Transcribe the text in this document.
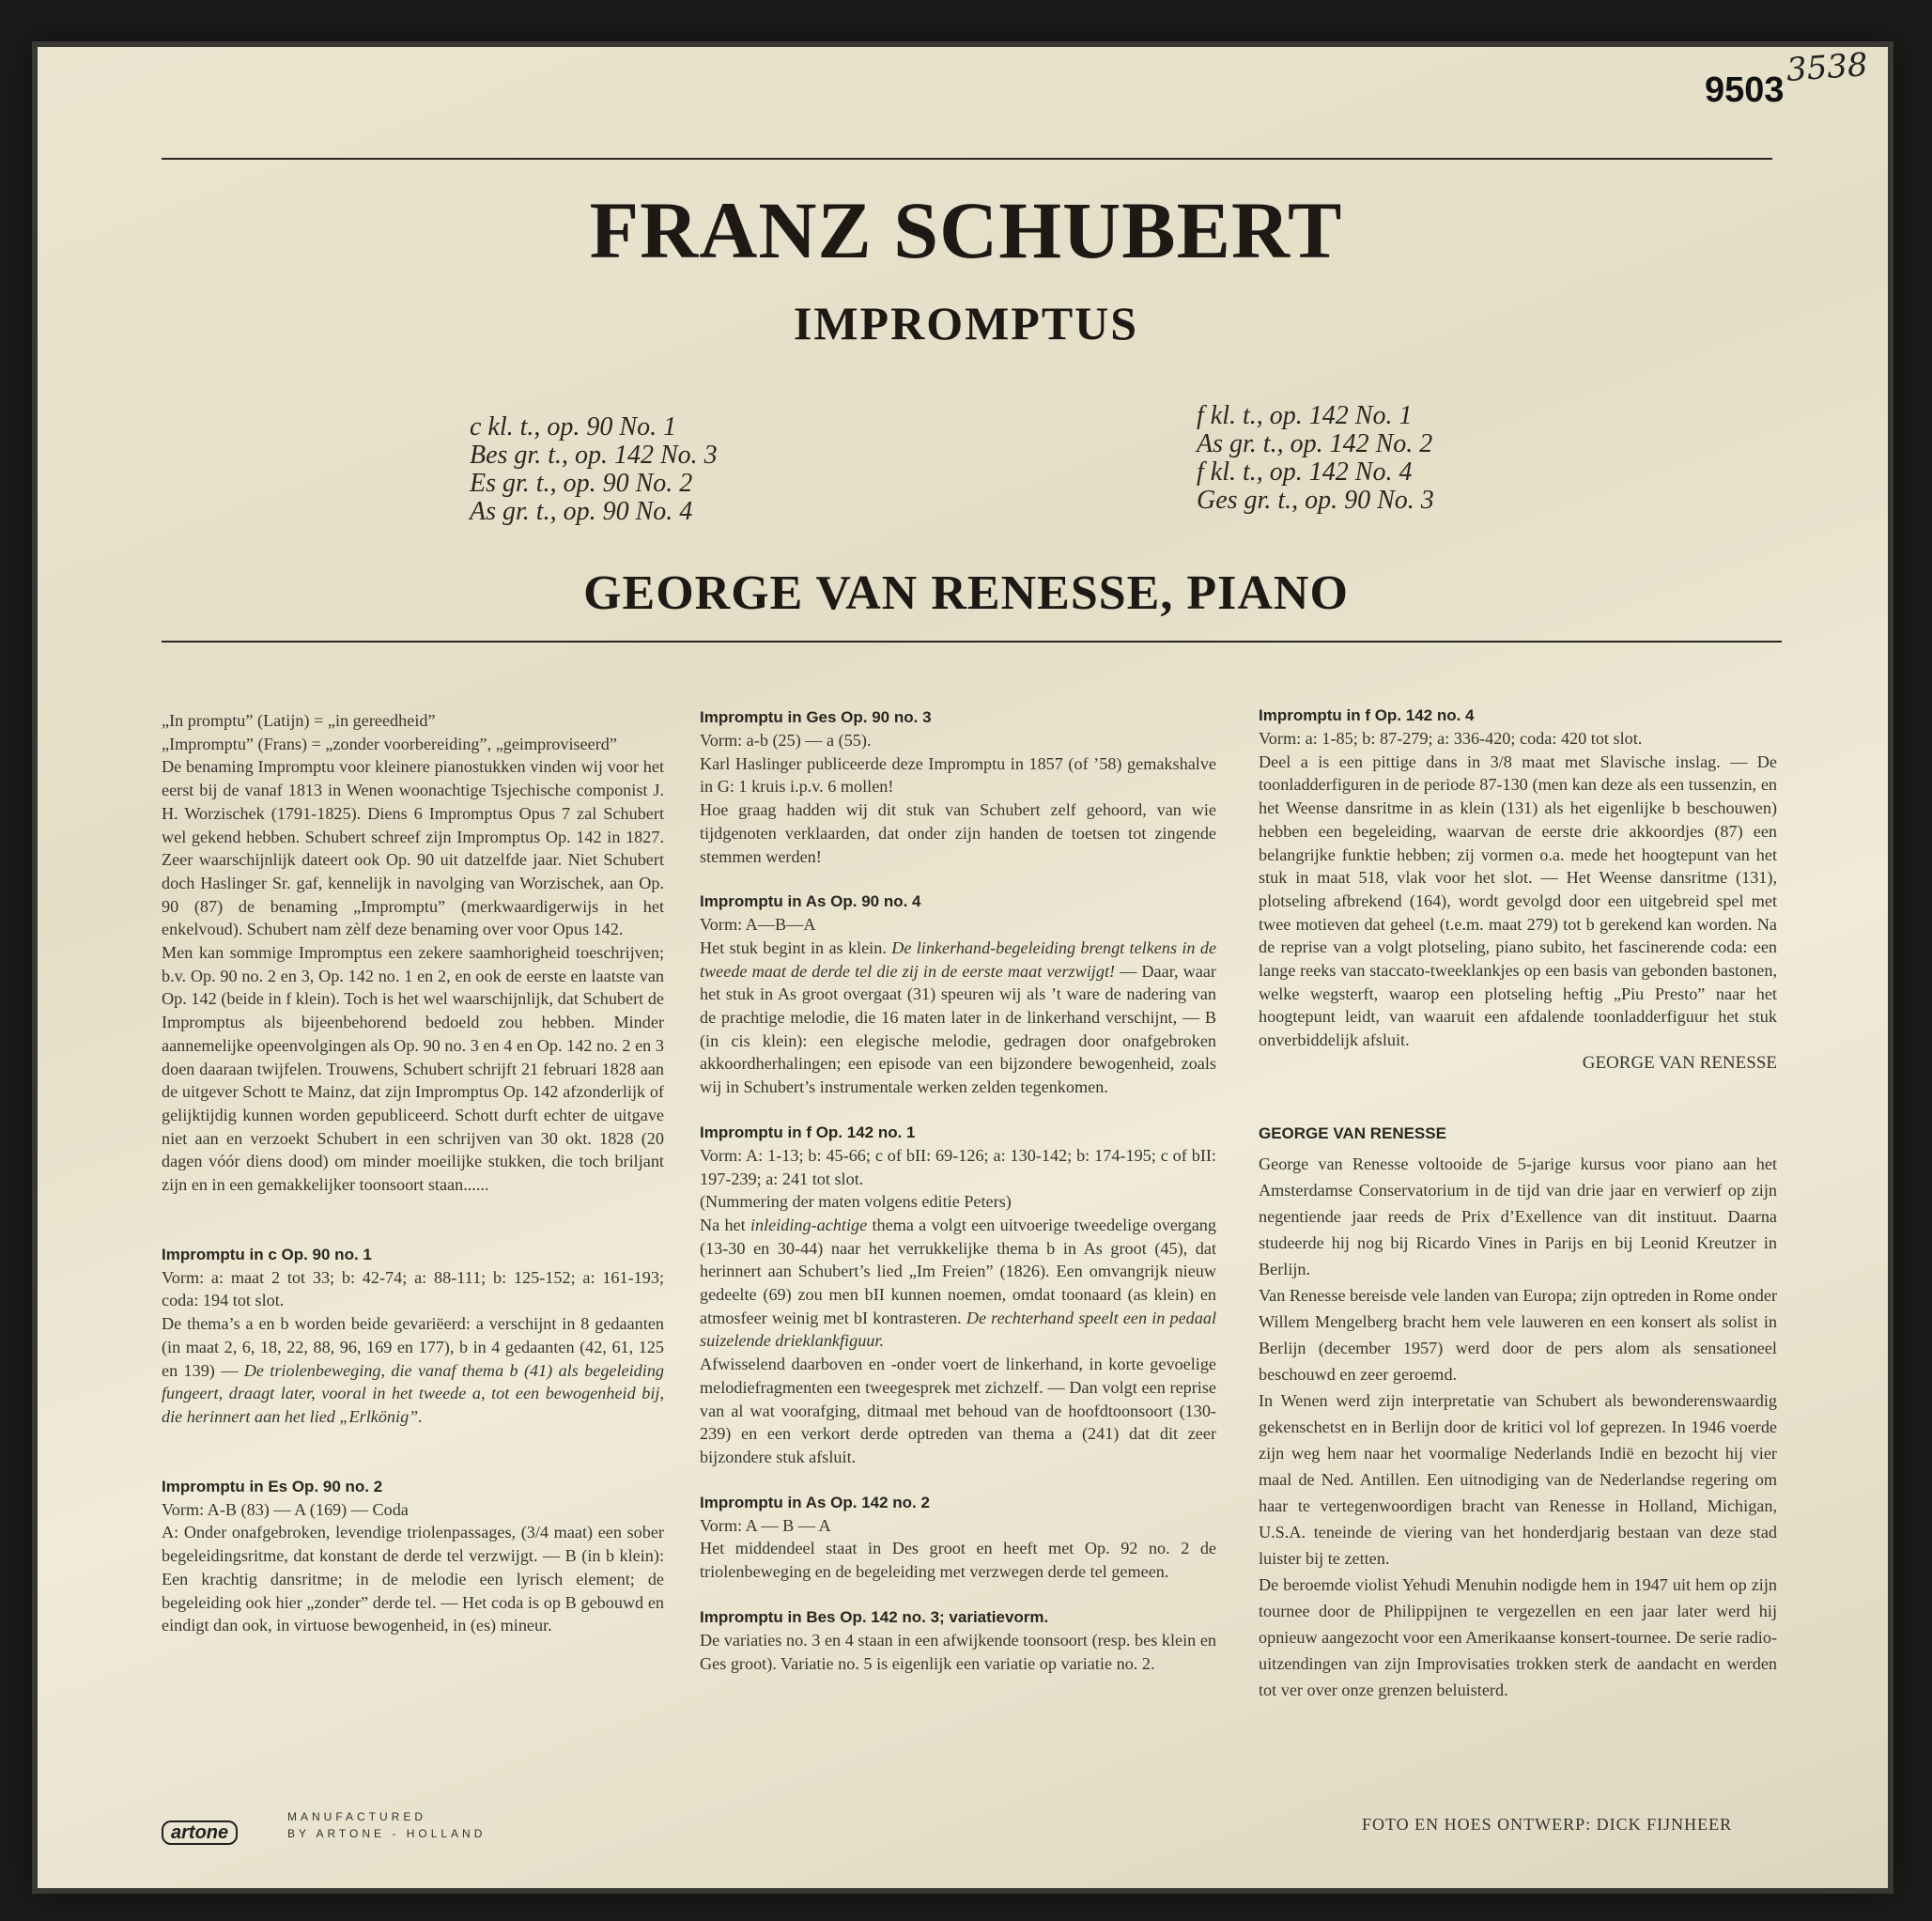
3538
9503
FRANZ SCHUBERT
IMPROMPTUS
c kl. t., op. 90 No. 1
Bes gr. t., op. 142 No. 3
Es gr. t., op. 90 No. 2
As gr. t., op. 90 No. 4
f kl. t., op. 142 No. 1
As gr. t., op. 142 No. 2
f kl. t., op. 142 No. 4
Ges gr. t., op. 90 No. 3
GEORGE VAN RENESSE, PIANO

„In promptu” (Latijn) = „in gereedheid”

„Impromptu” (Frans) = „zonder voorbereiding”, „geimproviseerd”

De benaming Impromptu voor kleinere pianostukken vinden wij voor het eerst bij de vanaf 1813 in Wenen woonachtige Tsjechische componist J. H. Worzischek (1791-1825). Diens 6 Impromptus Opus 7 zal Schubert wel gekend hebben. Schubert schreef zijn Impromptus Op. 142 in 1827. Zeer waarschijnlijk dateert ook Op. 90 uit datzelfde jaar. Niet Schubert doch Haslinger Sr. gaf, kennelijk in navolging van Worzischek, aan Op. 90 (87) de benaming „Impromptu” (merkwaardigerwijs in het enkelvoud). Schubert nam zèlf deze benaming over voor Opus 142.

Men kan sommige Impromptus een zekere saamhorigheid toeschrijven; b.v. Op. 90 no. 2 en 3, Op. 142 no. 1 en 2, en ook de eerste en laatste van Op. 142 (beide in f klein). Toch is het wel waarschijnlijk, dat Schubert de Impromptus als bijeenbehorend bedoeld zou hebben. Minder aannemelijke opeenvolgingen als Op. 90 no. 3 en 4 en Op. 142 no. 2 en 3 doen daaraan twijfelen. Trouwens, Schubert schrijft 21 februari 1828 aan de uitgever Schott te Mainz, dat zijn Impromptus Op. 142 afzonderlijk of gelijktijdig kunnen worden gepubliceerd. Schott durft echter de uitgave niet aan en verzoekt Schubert in een schrijven van 30 okt. 1828 (20 dagen vóór diens dood) om minder moeilijke stukken, die toch briljant zijn en in een gemakkelijker toonsoort staan......

Impromptu in c Op. 90 no. 1

Vorm: a: maat 2 tot 33; b: 42-74; a: 88-111; b: 125-152; a: 161-193; coda: 194 tot slot.

De thema’s a en b worden beide gevariëerd: a verschijnt in 8 gedaanten (in maat 2, 6, 18, 22, 88, 96, 169 en 177), b in 4 gedaanten (42, 61, 125 en 139) — De triolenbeweging, die vanaf thema b (41) als begeleiding fungeert, draagt later, vooral in het tweede a, tot een bewogenheid bij, die herinnert aan het lied „Erlkönig”.

Impromptu in Es Op. 90 no. 2

Vorm: A-B (83) — A (169) — Coda

A: Onder onafgebroken, levendige triolenpassages, (3/4 maat) een sober begeleidingsritme, dat konstant de derde tel verzwijgt. — B (in b klein): Een krachtig dansritme; in de melodie een lyrisch element; de begeleiding ook hier „zonder” derde tel. — Het coda is op B gebouwd en eindigt dan ook, in virtuose bewogenheid, in (es) mineur.

Impromptu in Ges Op. 90 no. 3

Vorm: a-b (25) — a (55).

Karl Haslinger publiceerde deze Impromptu in 1857 (of ’58) gemakshalve in G: 1 kruis i.p.v. 6 mollen!

Hoe graag hadden wij dit stuk van Schubert zelf gehoord, van wie tijdgenoten verklaarden, dat onder zijn handen de toetsen tot zingende stemmen werden!

Impromptu in As Op. 90 no. 4

Vorm: A—B—A

Het stuk begint in as klein. De linkerhand-begeleiding brengt telkens in de tweede maat de derde tel die zij in de eerste maat verzwijgt! — Daar, waar het stuk in As groot overgaat (31) speuren wij als ’t ware de nadering van de prachtige melodie, die 16 maten later in de linkerhand verschijnt, — B (in cis klein): een elegische melodie, gedragen door onafgebroken akkoordherhalingen; een episode van een bijzondere bewogenheid, zoals wij in Schubert’s instrumentale werken zelden tegenkomen.

Impromptu in f Op. 142 no. 1

Vorm: A: 1-13; b: 45-66; c of bII: 69-126; a: 130-142; b: 174-195; c of bII: 197-239; a: 241 tot slot.

(Nummering der maten volgens editie Peters)

Na het inleiding-achtige thema a volgt een uitvoerige tweedelige overgang (13-30 en 30-44) naar het verrukkelijke thema b in As groot (45), dat herinnert aan Schubert’s lied „Im Freien” (1826). Een omvangrijk nieuw gedeelte (69) zou men bII kunnen noemen, omdat toonaard (as klein) en atmosfeer weinig met bI kontrasteren. De rechterhand speelt een in pedaal suizelende drieklankfiguur.

Afwisselend daarboven en -onder voert de linkerhand, in korte gevoelige melodiefragmenten een tweegesprek met zichzelf. — Dan volgt een reprise van al wat voorafging, ditmaal met behoud van de hoofdtoonsoort (130-239) en een verkort derde optreden van thema a (241) dat dit zeer bijzondere stuk afsluit.

Impromptu in As Op. 142 no. 2

Vorm: A — B — A

Het middendeel staat in Des groot en heeft met Op. 92 no. 2 de triolenbeweging en de begeleiding met verzwegen derde tel gemeen.

Impromptu in Bes Op. 142 no. 3; variatievorm.

De variaties no. 3 en 4 staan in een afwijkende toonsoort (resp. bes klein en Ges groot). Variatie no. 5 is eigenlijk een variatie op variatie no. 2.

Impromptu in f Op. 142 no. 4

Vorm: a: 1-85; b: 87-279; a: 336-420; coda: 420 tot slot.

Deel a is een pittige dans in 3/8 maat met Slavische inslag. — De toonladderfiguren in de periode 87-130 (men kan deze als een tussenzin, en het Weense dansritme in as klein (131) als het eigenlijke b beschouwen) hebben een begeleiding, waarvan de eerste drie akkoordjes (87) een belangrijke funktie hebben; zij vormen o.a. mede het hoogtepunt van het stuk in maat 518, vlak voor het slot. — Het Weense dansritme (131), plotseling afbrekend (164), wordt gevolgd door een uitgebreid spel met twee motieven dat geheel (t.e.m. maat 279) tot b gerekend kan worden. Na de reprise van a volgt plotseling, piano subito, het fascinerende coda: een lange reeks van staccato-tweeklankjes op een basis van gebonden bastonen, welke wegsterft, waarop een plotseling heftig „Piu Presto” naar het hoogtepunt leidt, van waaruit een afdalende toonladderfiguur het stuk onverbiddelijk afsluit.

GEORGE VAN RENESSE

GEORGE VAN RENESSE

George van Renesse voltooide de 5-jarige kursus voor piano aan het Amsterdamse Conservatorium in de tijd van drie jaar en verwierf op zijn negentiende jaar reeds de Prix d’Exellence van dit instituut. Daarna studeerde hij nog bij Ricardo Vines in Parijs en bij Leonid Kreutzer in Berlijn.

Van Renesse bereisde vele landen van Europa; zijn optreden in Rome onder Willem Mengelberg bracht hem vele lauweren en een konsert als solist in Berlijn (december 1957) werd door de pers alom als sensationeel beschouwd en zeer geroemd.

In Wenen werd zijn interpretatie van Schubert als bewonderenswaardig gekenschetst en in Berlijn door de kritici vol lof geprezen. In 1946 voerde zijn weg hem naar het voormalige Nederlands Indië en bezocht hij vier maal de Ned. Antillen. Een uitnodiging van de Nederlandse regering om haar te vertegenwoordigen bracht van Renesse in Holland, Michigan, U.S.A. teneinde de viering van het honderdjarig bestaan van deze stad luister bij te zetten.

De beroemde violist Yehudi Menuhin nodigde hem in 1947 uit hem op zijn tournee door de Philippijnen te vergezellen en een jaar later werd hij opnieuw aangezocht voor een Amerikaanse konsert-tournee. De serie radio-uitzendingen van zijn Improvisaties trokken sterk de aandacht en werden tot ver over onze grenzen beluisterd.

artone
MANUFACTURED
BY ARTONE - HOLLAND	FOTO EN HOES ONTWERP: DICK FIJNHEER
